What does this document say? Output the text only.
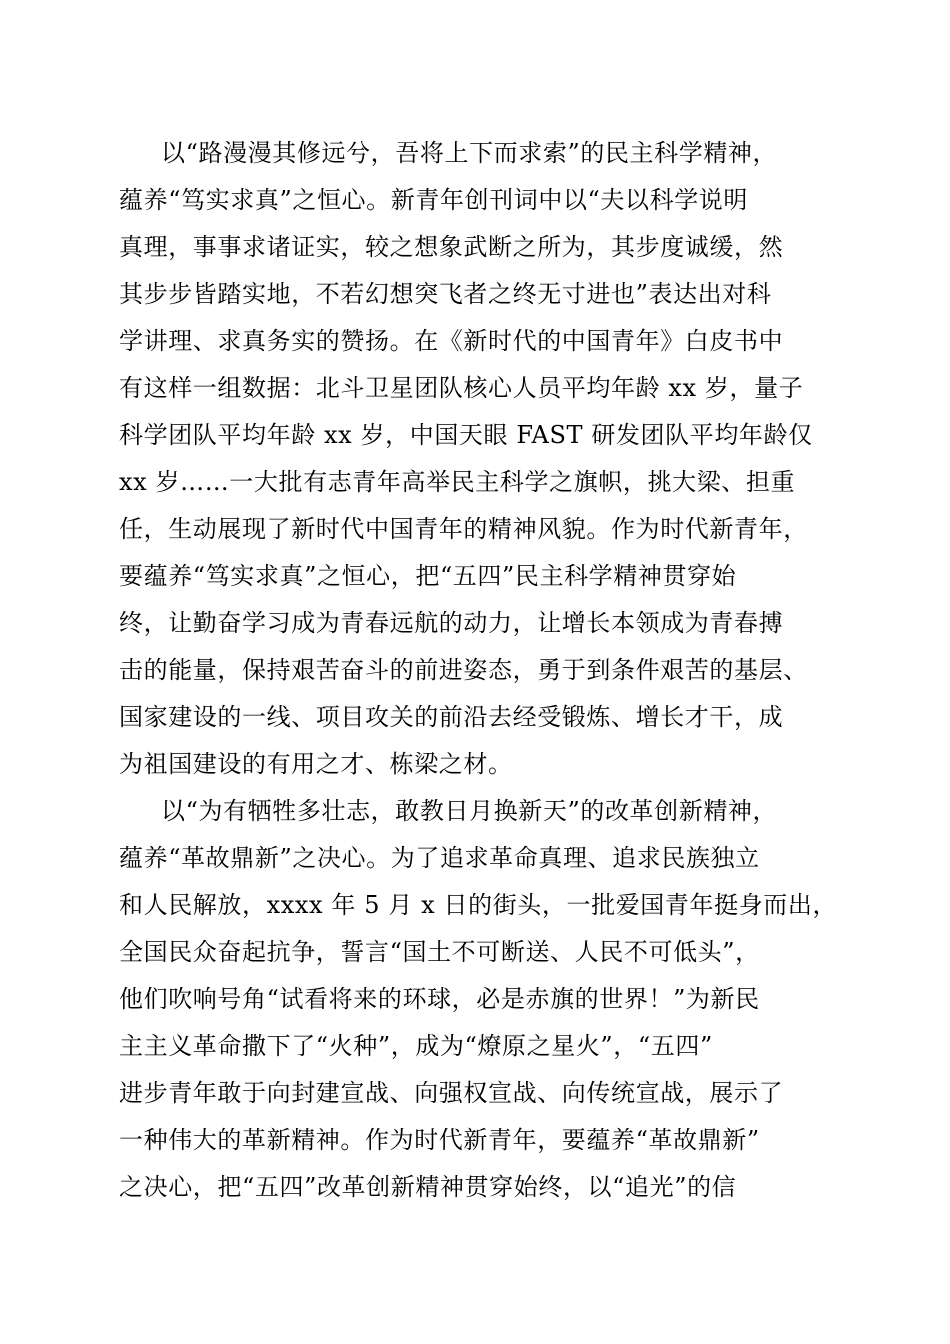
以“路漫漫其修远兮，吾将上下而求索”的民主科学精神，
蕴养“笃实求真”之恒心。新青年创刊词中以“夫以科学说明
真理，事事求诸证实，较之想象武断之所为，其步度诚缓，然
其步步皆踏实地，不若幻想突飞者之终无寸进也”表达出对科
学讲理、求真务实的赞扬。在《新时代的中国青年》白皮书中
有这样一组数据：北斗卫星团队核心人员平均年龄 xx 岁，量子
科学团队平均年龄 xx 岁，中国天眼 FAST 研发团队平均年龄仅
xx 岁……一大批有志青年高举民主科学之旗帜，挑大梁、担重
任，生动展现了新时代中国青年的精神风貌。作为时代新青年，
要蕴养“笃实求真”之恒心，把“五四”民主科学精神贯穿始
终，让勤奋学习成为青春远航的动力，让增长本领成为青春搏
击的能量，保持艰苦奋斗的前进姿态，勇于到条件艰苦的基层、
国家建设的一线、项目攻关的前沿去经受锻炼、增长才干，成
为祖国建设的有用之才、栋梁之材。
以“为有牺牲多壮志，敢教日月换新天”的改革创新精神，
蕴养“革故鼎新”之决心。为了追求革命真理、追求民族独立
和人民解放，xxxx 年 5 月 x 日的街头，一批爱国青年挺身而出，
全国民众奋起抗争，誓言“国土不可断送、人民不可低头”，
他们吹响号角“试看将来的环球，必是赤旗的世界！”为新民
主主义革命撒下了“火种”，成为“燎原之星火”，“五四”
进步青年敢于向封建宣战、向强权宣战、向传统宣战，展示了
一种伟大的革新精神。作为时代新青年，要蕴养“革故鼎新”
之决心，把“五四”改革创新精神贯穿始终，以“追光”的信
